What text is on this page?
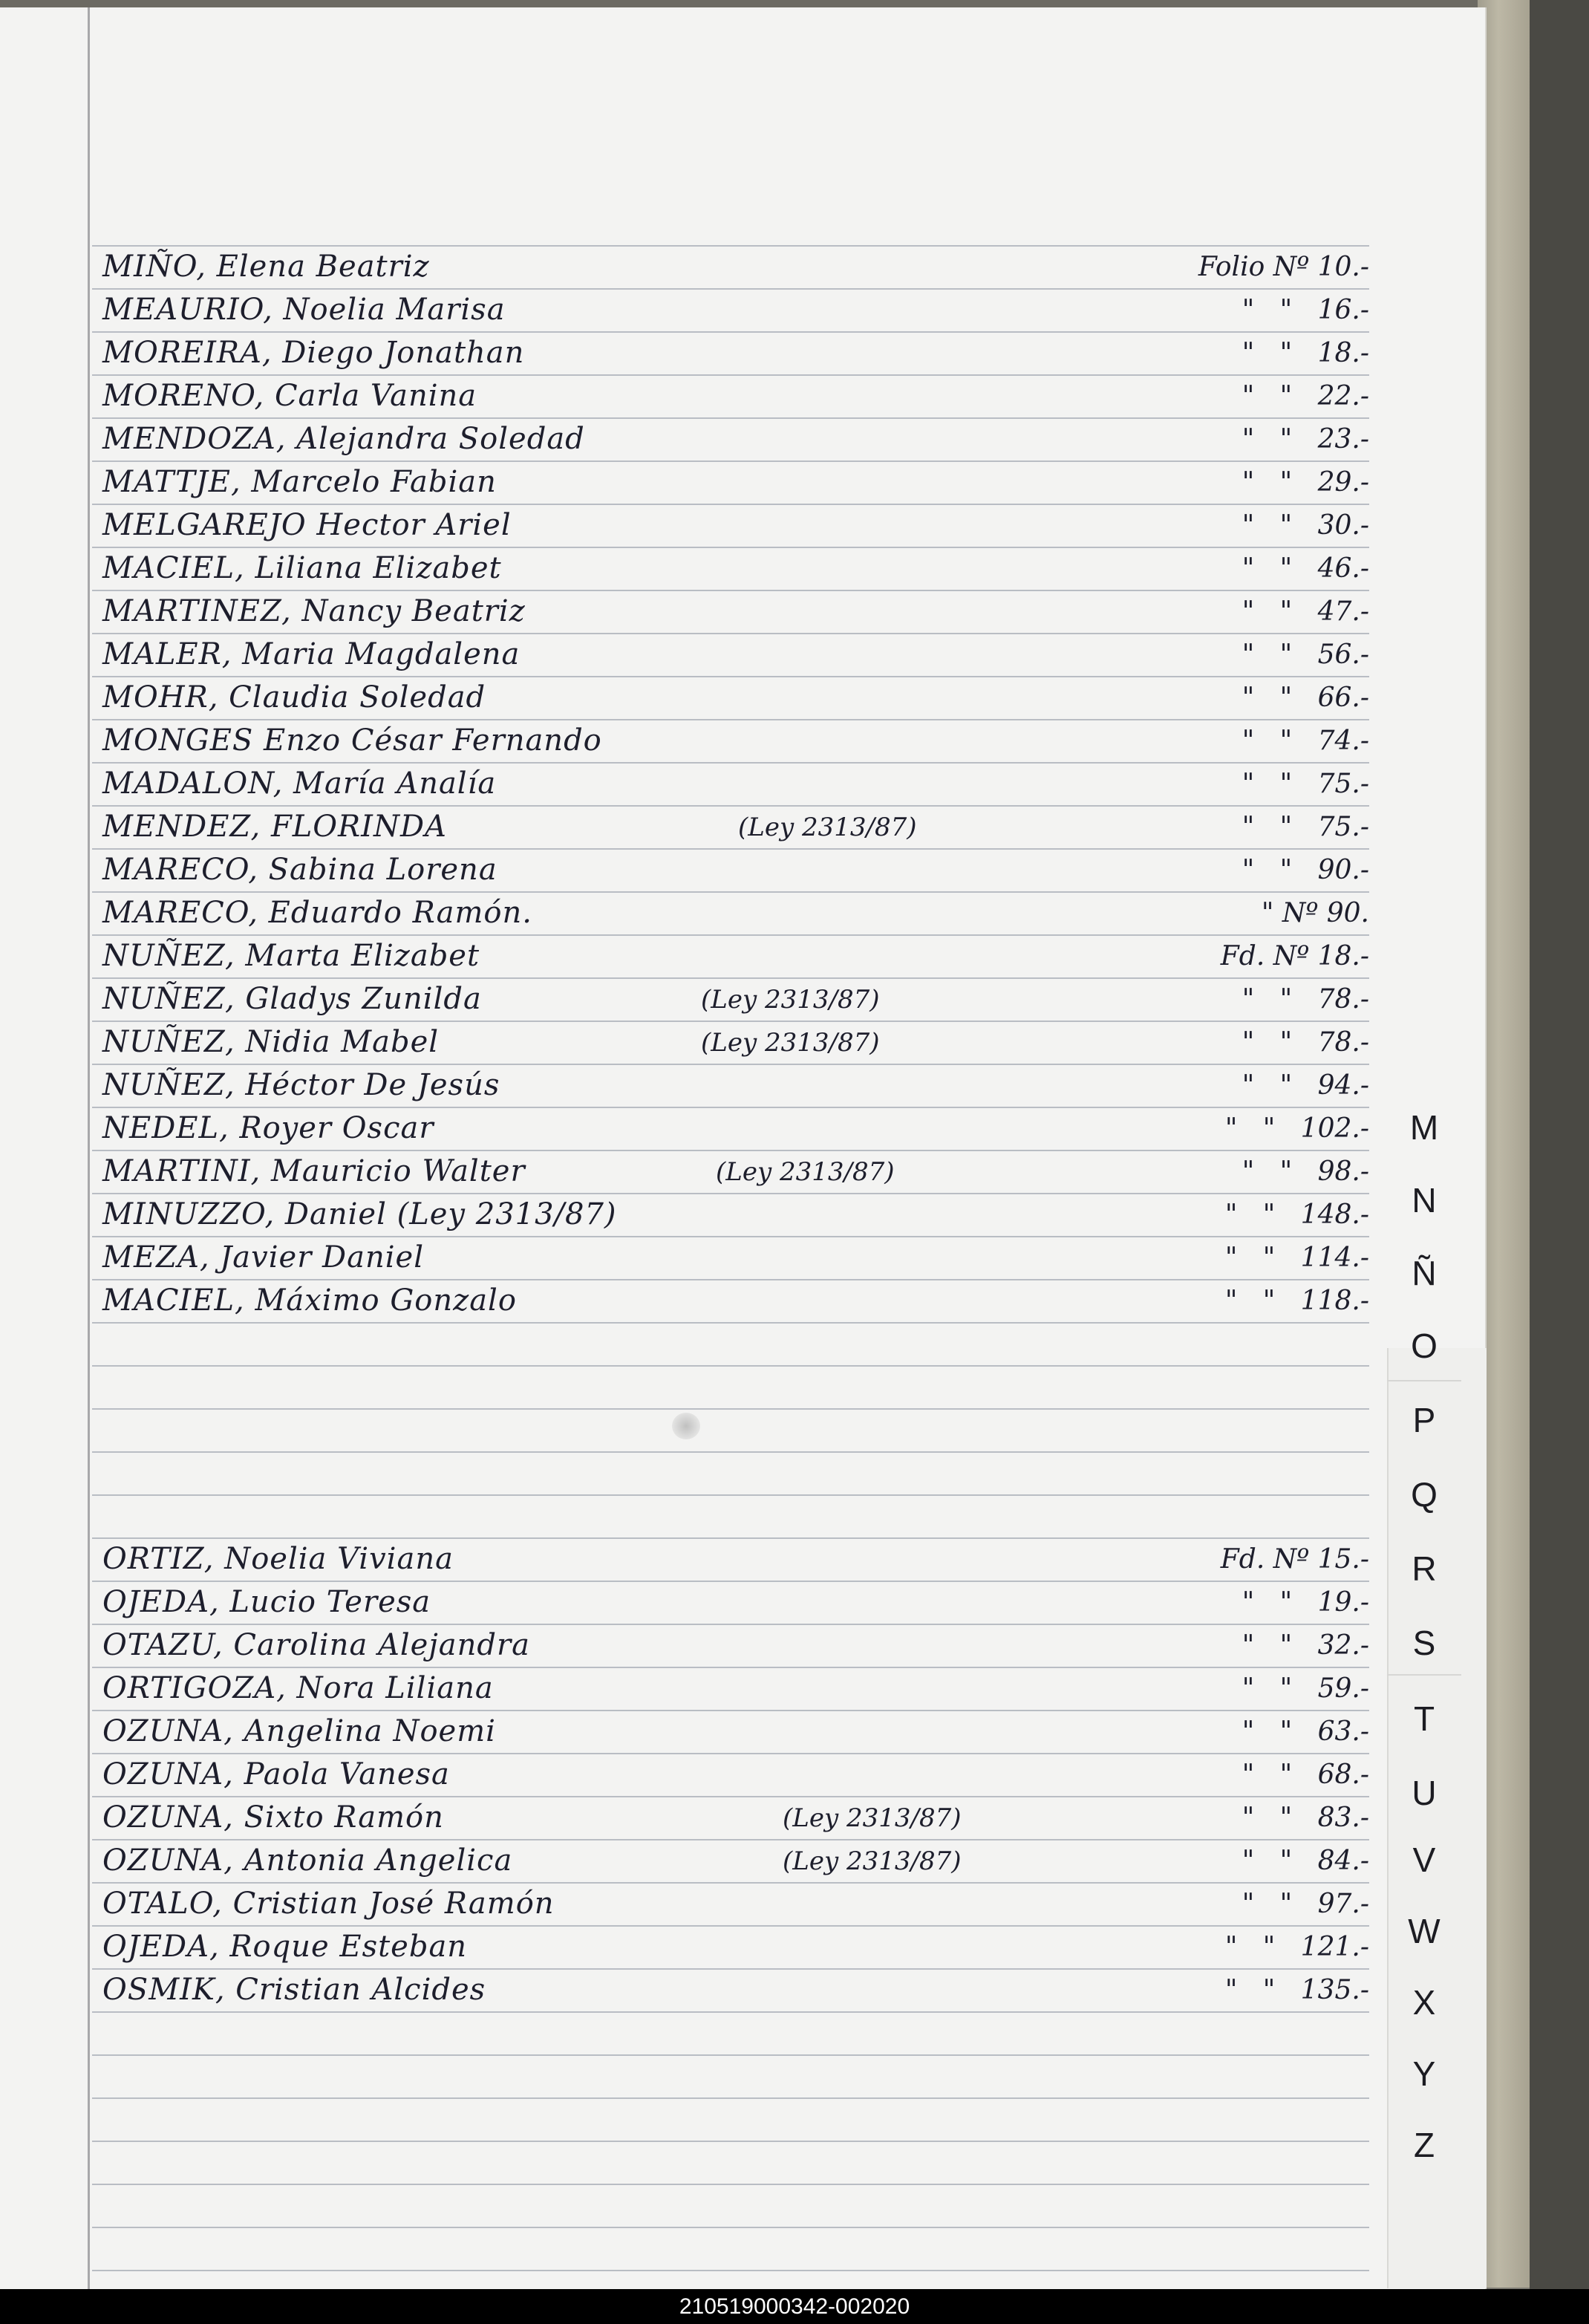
MIÑO, Elena Beatriz	Folio Nº 10.-
MEAURIO, Noelia Marisa	"   "   16.-
MOREIRA, Diego Jonathan	"   "   18.-
MORENO, Carla Vanina	"   "   22.-
MENDOZA, Alejandra Soledad	"   "   23.-
MATTJE, Marcelo Fabian	"   "   29.-
MELGAREJO Hector Ariel	"   "   30.-
MACIEL, Liliana Elizabet	"   "   46.-
MARTINEZ, Nancy Beatriz	"   "   47.-
MALER, Maria Magdalena	"   "   56.-
MOHR, Claudia Soledad	"   "   66.-
MONGES Enzo César Fernando	"   "   74.-
MADALON, María Analía	"   "   75.-
MENDEZ, FLORINDA	(Ley 2313/87)	"   "   75.-
MARECO, Sabina Lorena	"   "   90.-
MARECO, Eduardo Ramón.	" Nº 90.
NUÑEZ, Marta Elizabet	Fd. Nº 18.-
NUÑEZ, Gladys Zunilda	(Ley 2313/87)	"   "   78.-
NUÑEZ, Nidia Mabel	(Ley 2313/87)	"   "   78.-
NUÑEZ, Héctor De Jesús	"   "   94.-
NEDEL, Royer Oscar	"   "   102.-
MARTINI, Mauricio Walter	(Ley 2313/87)	"   "   98.-
MINUZZO, Daniel (Ley 2313/87)	"   "   148.-
MEZA, Javier Daniel	"   "   114.-
MACIEL, Máximo Gonzalo	"   "   118.-
ORTIZ, Noelia Viviana	Fd. Nº 15.-
OJEDA, Lucio Teresa	"   "   19.-
OTAZU, Carolina Alejandra	"   "   32.-
ORTIGOZA, Nora Liliana	"   "   59.-
OZUNA, Angelina Noemi	"   "   63.-
OZUNA, Paola Vanesa	"   "   68.-
OZUNA, Sixto Ramón	(Ley 2313/87)	"   "   83.-
OZUNA, Antonia Angelica	(Ley 2313/87)	"   "   84.-
OTALO, Cristian José Ramón	"   "   97.-
OJEDA, Roque Esteban	"   "   121.-
OSMIK, Cristian Alcides	"   "   135.-
M
N
Ñ
O
P
Q
R
S
T
U
V
W
X
Y
Z
210519000342-002020
